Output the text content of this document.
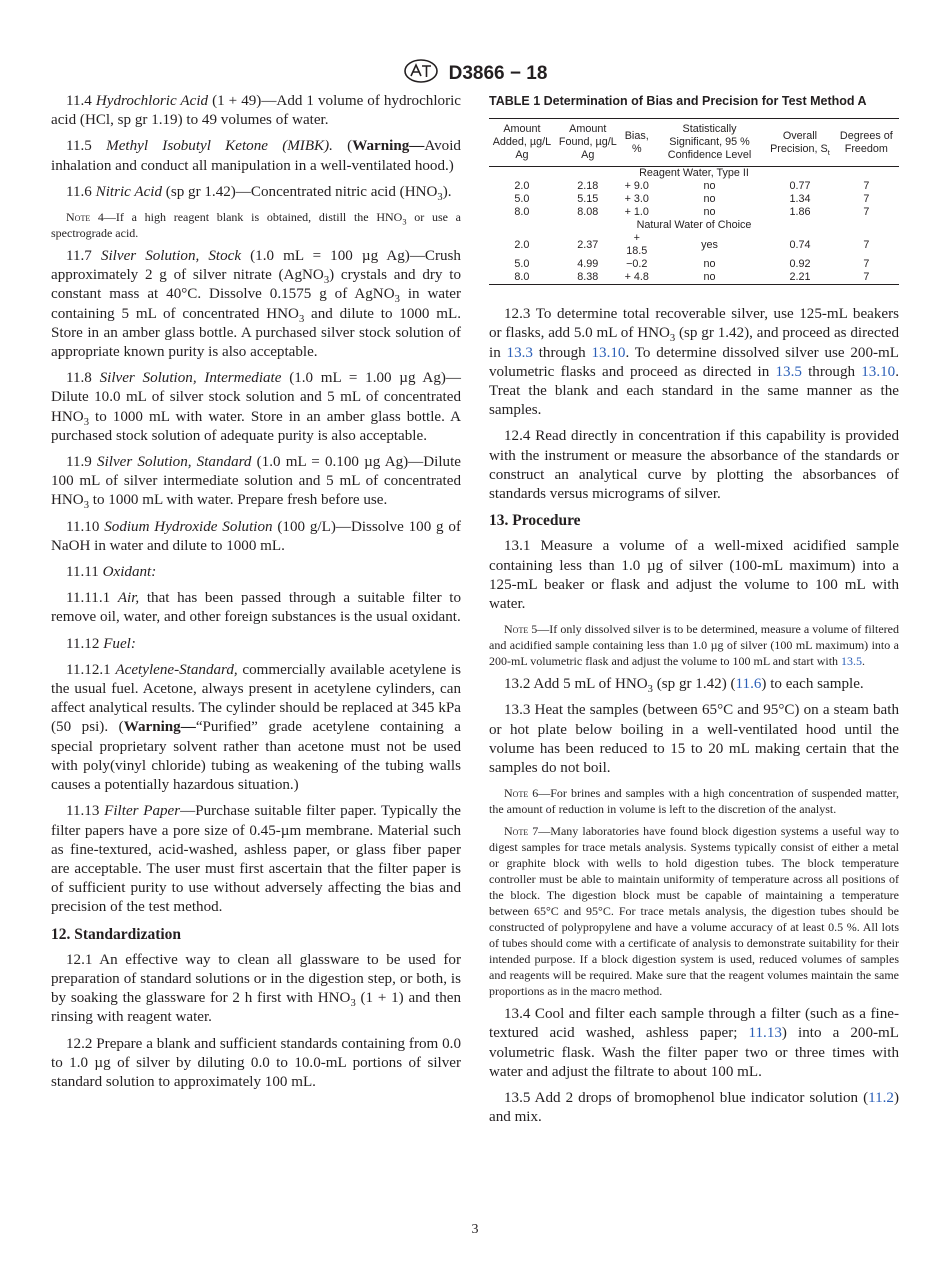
D3866 − 18

11.4 Hydrochloric Acid (1 + 49)—Add 1 volume of hydrochloric acid (HCl, sp gr 1.19) to 49 volumes of water.

11.5 Methyl Isobutyl Ketone (MIBK). (Warning—Avoid inhalation and conduct all manipulation in a well-ventilated hood.)

11.6 Nitric Acid (sp gr 1.42)—Concentrated nitric acid $(HNO_3)$.

Note 4—If a high reagent blank is obtained, distill the $HNO_3$ or use a spectrograde acid.

11.7 Silver Solution, Stock (1.0 mL = 100 µg Ag)—Crush approximately 2 g of silver nitrate (AgNO$_3$) crystals and dry to constant mass at 40°C. Dissolve 0.1575 g of AgNO$_3$ in water containing 5 mL of concentrated $HNO_3$ and dilute to 1000 mL. Store in an amber glass bottle. A purchased silver stock solution of appropriate known purity is also acceptable.

11.8 Silver Solution, Intermediate (1.0 mL = 1.00 µg Ag)—Dilute 10.0 mL of silver stock solution and 5 mL of concentrated $HNO_3$ to 1000 mL with water. Store in an amber glass bottle. A purchased stock solution of adequate purity is also acceptable.

11.9 Silver Solution, Standard (1.0 mL = 0.100 µg Ag)—Dilute 100 mL of silver intermediate solution and 5 mL of concentrated $HNO_3$ to 1000 mL with water. Prepare fresh before use.

11.10 Sodium Hydroxide Solution (100 g/L)—Dissolve 100 g of NaOH in water and dilute to 1000 mL.

11.11 Oxidant:

11.11.1 Air, that has been passed through a suitable filter to remove oil, water, and other foreign substances is the usual oxidant.

11.12 Fuel:

11.12.1 Acetylene-Standard, commercially available acetylene is the usual fuel. Acetone, always present in acetylene cylinders, can affect analytical results. The cylinder should be replaced at 345 kPa (50 psi). (Warning—“Purified” grade acetylene containing a special proprietary solvent rather than acetone must not be used with poly(vinyl chloride) tubing as weakening of the tubing walls causes a potentially hazardous situation.)

11.13 Filter Paper—Purchase suitable filter paper. Typically the filter papers have a pore size of 0.45-µm membrane. Material such as fine-textured, acid-washed, ashless paper, or glass fiber paper are acceptable. The user must first ascertain that the filter paper is of sufficient purity to use without adversely affecting the bias and precision of the test method.

12. Standardization

12.1 An effective way to clean all glassware to be used for preparation of standard solutions or in the digestion step, or both, is by soaking the glassware for 2 h first with $HNO_3$ (1 + 1) and then rinsing with reagent water.

12.2 Prepare a blank and sufficient standards containing from 0.0 to 1.0 µg of silver by diluting 0.0 to 10.0-mL portions of silver standard solution to approximately 100 mL.

TABLE 1 Determination of Bias and Precision for Test Method A

Amount Added, µg/L Ag	Amount Found, µg/L Ag	Bias, %	Statistically Significant, 95 % Confidence Level	Overall Precision, $S_t$	Degrees of Freedom
Reagent Water, Type II					
2.0	2.18	+ 9.0	no	0.77	7
5.0	5.15	+ 3.0	no	1.34	7
8.0	8.08	+ 1.0	no	1.86	7
Natural Water of Choice					
2.0	2.37	+ 18.5	yes	0.74	7
5.0	4.99	−0.2	no	0.92	7
8.0	8.38	+ 4.8	no	2.21	7

12.3 To determine total recoverable silver, use 125-mL beakers or flasks, add 5.0 mL of $HNO_3$ (sp gr 1.42), and proceed as directed in 13.3 through 13.10. To determine dissolved silver use 200-mL volumetric flasks and proceed as directed in 13.5 through 13.10. Treat the blank and each standard in the same manner as the samples.

12.4 Read directly in concentration if this capability is provided with the instrument or measure the absorbance of the standards or construct an analytical curve by plotting the absorbances of standards versus micrograms of silver.

13. Procedure

13.1 Measure a volume of a well-mixed acidified sample containing less than 1.0 µg of silver (100-mL maximum) into a 125-mL beaker or flask and adjust the volume to 100 mL with water.

Note 5—If only dissolved silver is to be determined, measure a volume of filtered and acidified sample containing less than 1.0 µg of silver (100 mL maximum) into a 200-mL volumetric flask and adjust the volume to 100 mL and start with 13.5.

13.2 Add 5 mL of $HNO_3$ (sp gr 1.42) (11.6) to each sample.

13.3 Heat the samples (between 65°C and 95°C) on a steam bath or hot plate below boiling in a well-ventilated hood until the volume has been reduced to 15 to 20 mL making certain that the samples do not boil.

Note 6—For brines and samples with a high concentration of suspended matter, the amount of reduction in volume is left to the discretion of the analyst.

Note 7—Many laboratories have found block digestion systems a useful way to digest samples for trace metals analysis. Systems typically consist of either a metal or graphite block with wells to hold digestion tubes. The block temperature controller must be able to maintain uniformity of temperature across all positions of the block. The digestion block must be capable of maintaining a temperature between 65°C and 95°C. For trace metals analysis, the digestion tubes should be constructed of polypropylene and have a volume accuracy of at least 0.5 %. All lots of tubes should come with a certificate of analysis to demonstrate suitability for their intended purpose. If a block digestion system is used, reduced volumes of samples and reagents will be required. Make sure that the reagent volumes maintain the same proportions as in the macro method.

13.4 Cool and filter each sample through a filter (such as a fine-textured acid washed, ashless paper; 11.13) into a 200-mL volumetric flask. Wash the filter paper two or three times with water and adjust the filtrate to about 100 mL.

13.5 Add 2 drops of bromophenol blue indicator solution (11.2) and mix.

3
